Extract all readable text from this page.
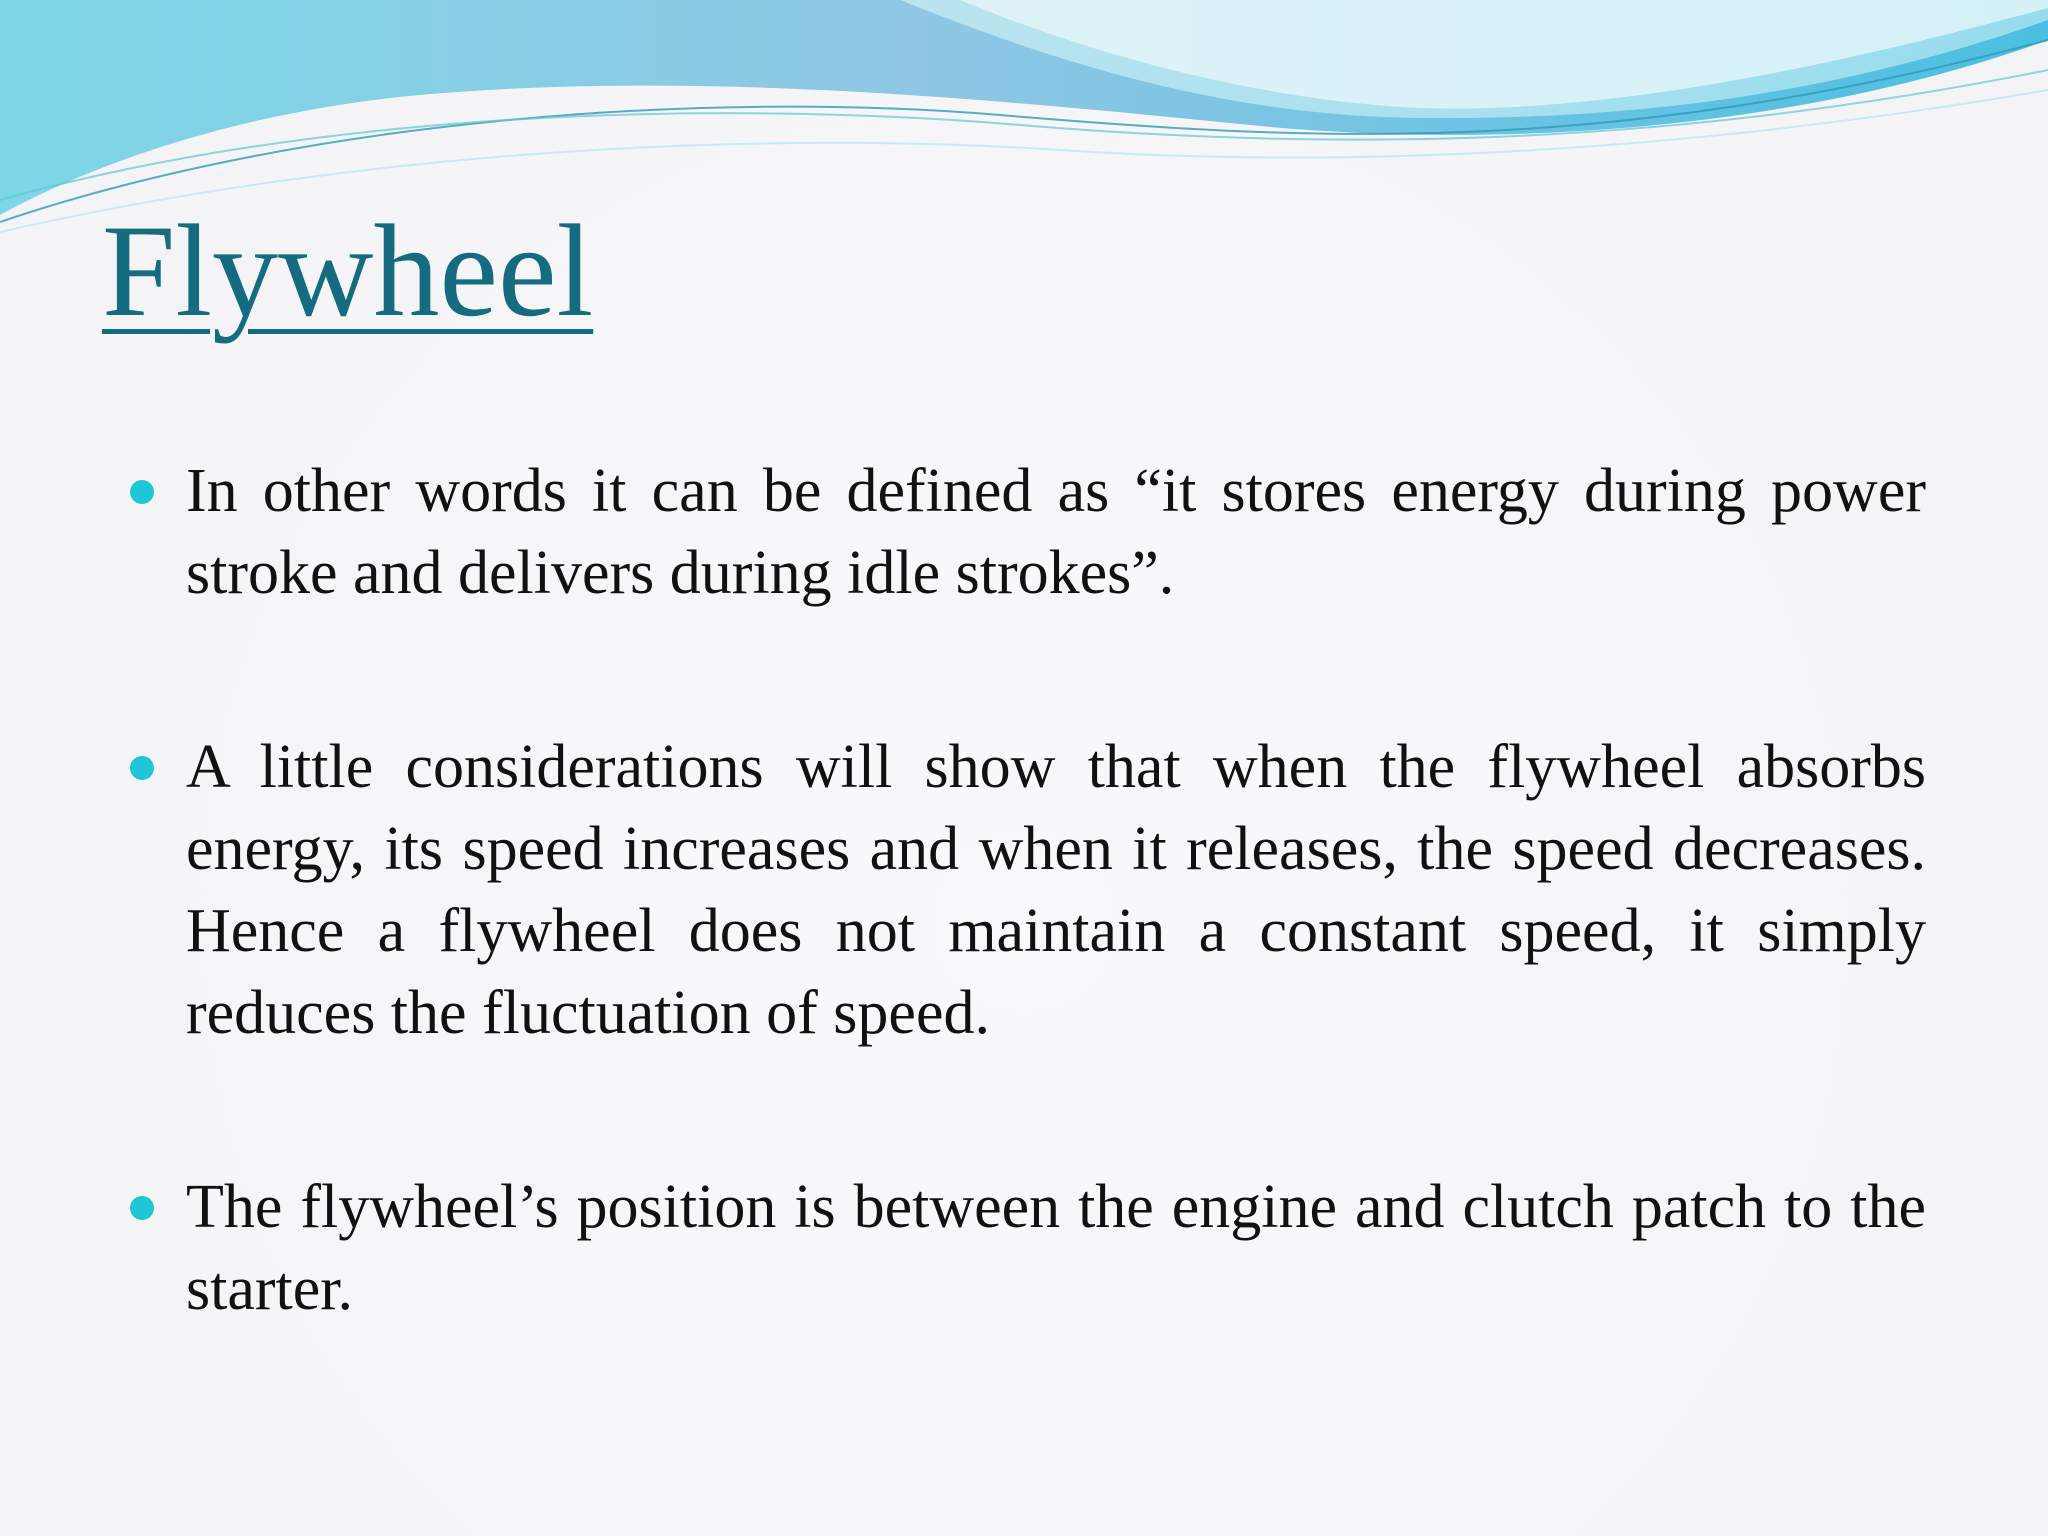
Flywheel
In other words it can be defined as “it stores energy during power stroke and delivers during idle strokes”.
A little considerations will show that when the flywheel absorbs energy, its speed increases and when it releases, the speed decreases. Hence a flywheel does not maintain a constant speed, it simply reduces the fluctuation of speed.
The flywheel’s position is between the engine and clutch patch to the starter.
